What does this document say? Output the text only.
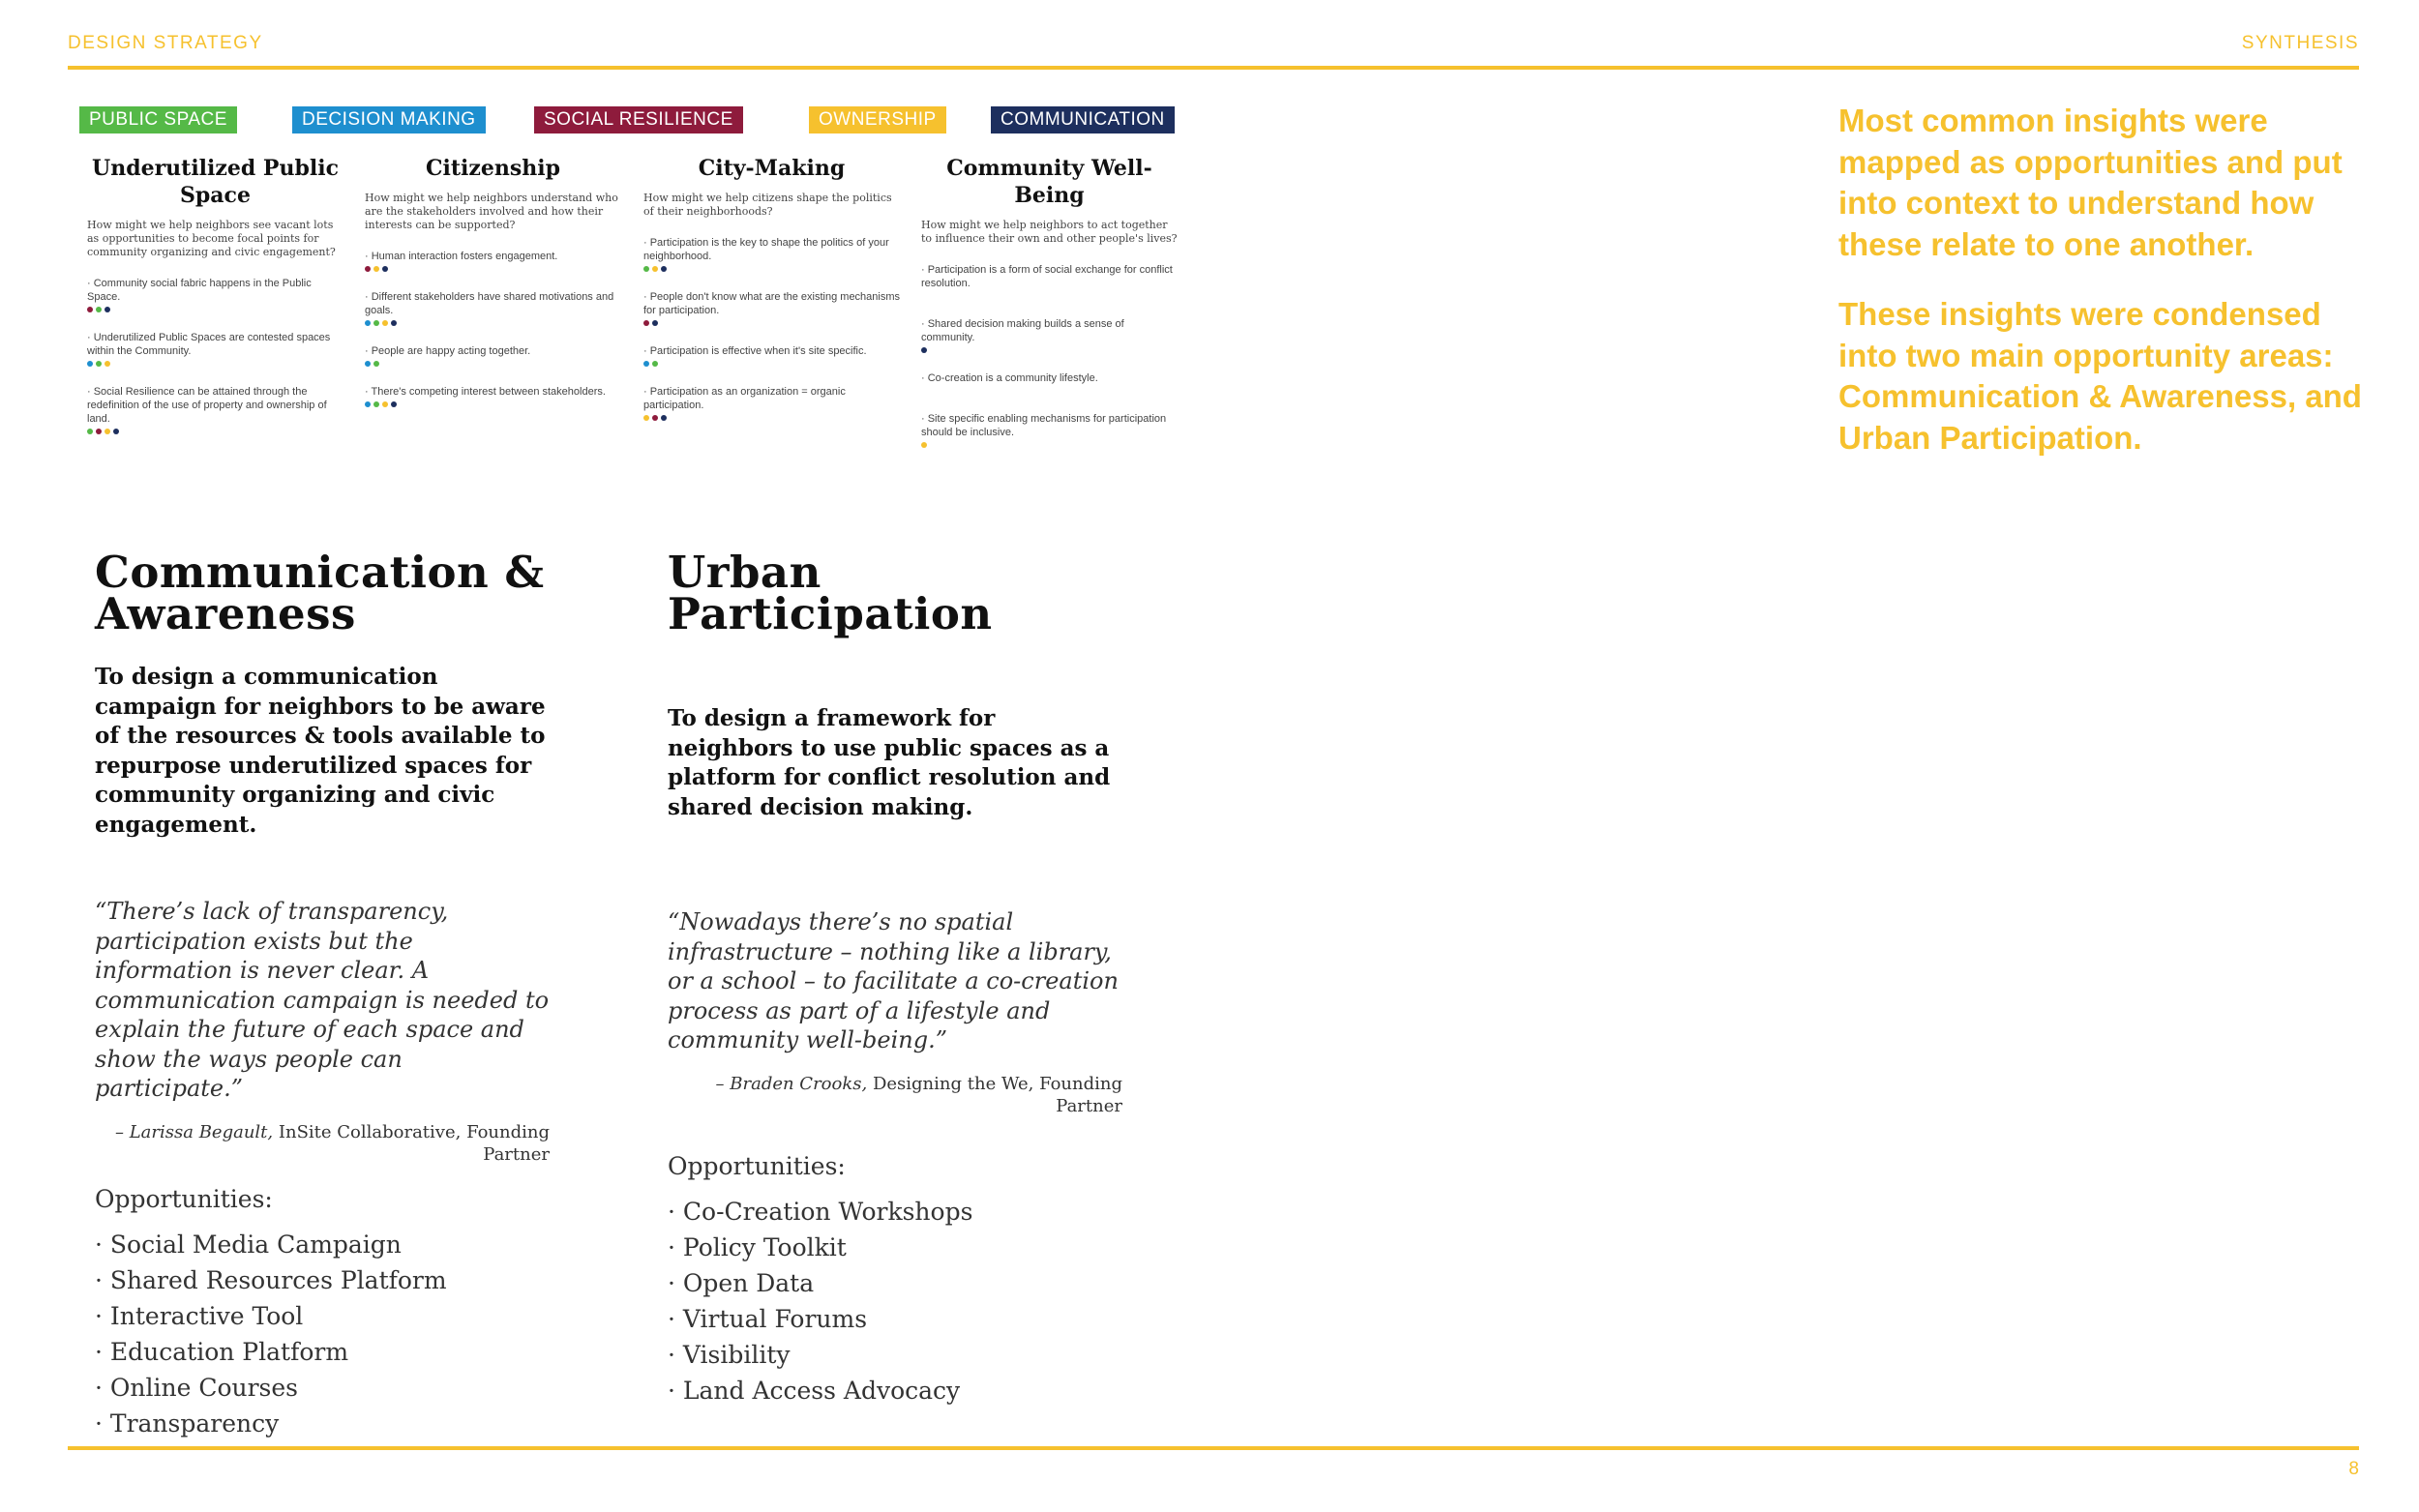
DESIGN STRATEGY	SYNTHESIS
PUBLIC SPACE	DECISION MAKING	SOCIAL RESILIENCE	OWNERSHIP	COMMUNICATION
Underutilized Public Space
How might we help neighbors see vacant lots as opportunities to become focal points for community organizing and civic engagement?
· Community social fabric happens in the Public Space.
· Underutilized Public Spaces are contested spaces within the Community.
· Social Resilience can be attained through the redefinition of the use of property and ownership of land.
Citizenship
How might we help neighbors understand who are the stakeholders involved and how their interests can be supported?
· Human interaction fosters engagement.
· Different stakeholders have shared motivations and goals.
· People are happy acting together.
· There's competing interest between stakeholders.
City-Making
How might we help citizens shape the politics of their neighborhoods?
· Participation is the key to shape the politics of your neighborhood.
· People don't know what are the existing mechanisms for participation.
· Participation is effective when it's site specific.
· Participation as an organization = organic participation.
Community Well-Being
How might we help neighbors to act together to influence their own and other people's lives?
· Participation is a form of social exchange for conflict resolution.
· Shared decision making builds a sense of community.
· Co-creation is a community lifestyle.
· Site specific enabling mechanisms for participation should be inclusive.
Communication & Awareness
To design a communication campaign for neighbors to be aware of the resources & tools available to repurpose underutilized spaces for community organizing and civic engagement.
“There’s lack of transparency, participation exists but the information is never clear. A communication campaign is needed to explain the future of each space and show the ways people can participate.”
– Larissa Begault, InSite Collaborative, Founding Partner
Opportunities:
· Social Media Campaign
· Shared Resources Platform
· Interactive Tool
· Education Platform
· Online Courses
· Transparency
Urban Participation
To design a framework for neighbors to use public spaces as a platform for conflict resolution and shared decision making.
“Nowadays there’s no spatial infrastructure – nothing like a library, or a school – to facilitate a co-creation process as part of a lifestyle and community well-being.”
– Braden Crooks, Designing the We, Founding Partner
Opportunities:
· Co-Creation Workshops
· Policy Toolkit
· Open Data
· Virtual Forums
· Visibility
· Land Access Advocacy

Most common insights were mapped as opportunities and put into context to understand how these relate to one another.

These insights were condensed into two main opportunity areas: Communication & Awareness, and Urban Participation.

8
